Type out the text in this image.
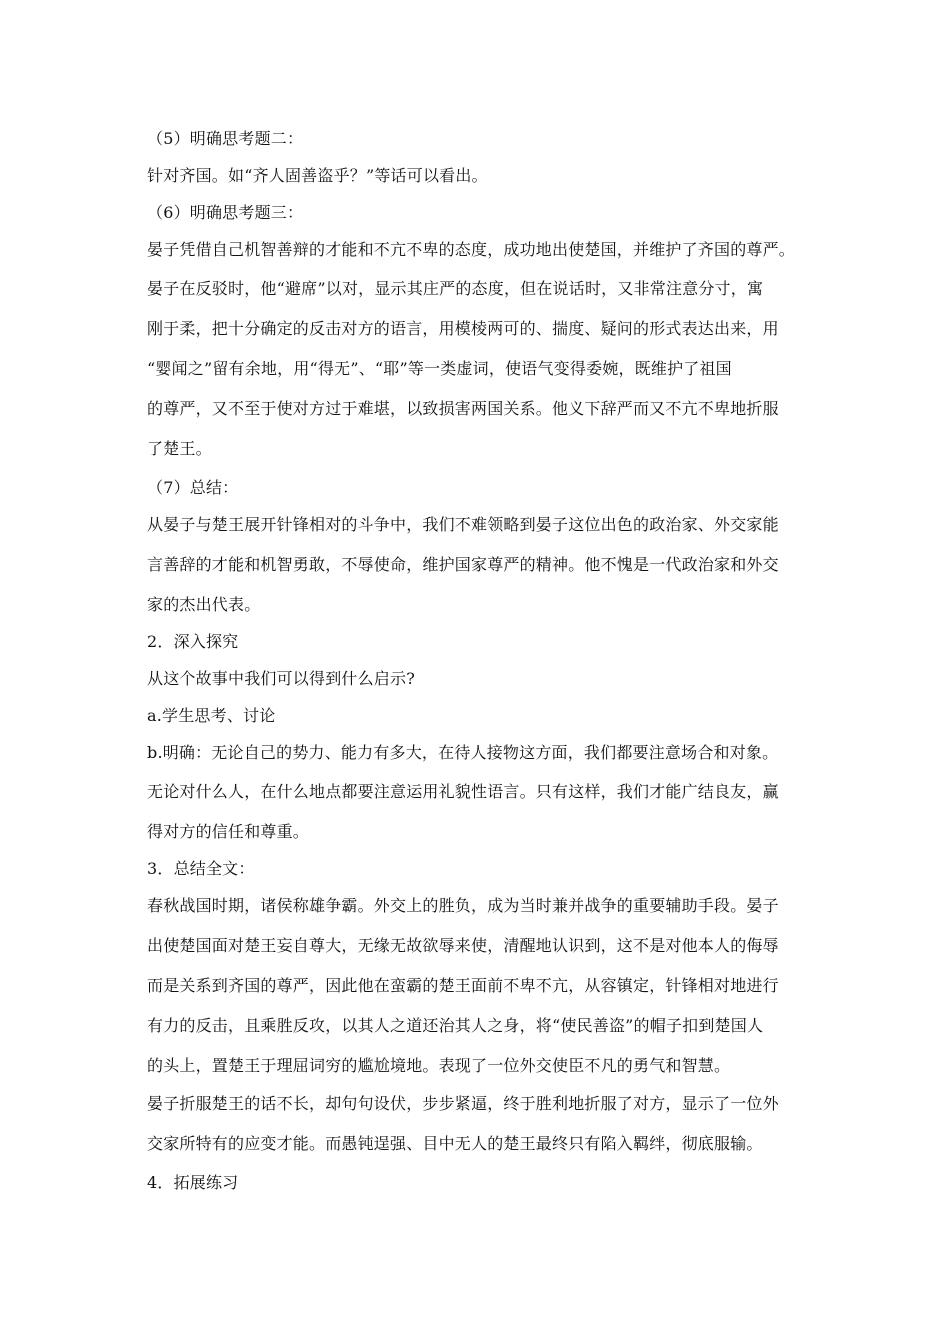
（5）明确思考题二：
针对齐国。如“齐人固善盗乎？”等话可以看出。
（6）明确思考题三：
晏子凭借自己机智善辩的才能和不亢不卑的态度，成功地出使楚国，并维护了齐国的尊严。
晏子在反驳时，他“避席”以对，显示其庄严的态度，但在说话时，又非常注意分寸，寓
刚于柔，把十分确定的反击对方的语言，用模棱两可的、揣度、疑问的形式表达出来，用
“婴闻之”留有余地，用“得无”、“耶”等一类虚词，使语气变得委婉，既维护了祖国
的尊严，又不至于使对方过于难堪，以致损害两国关系。他义下辞严而又不亢不卑地折服
了楚王。
（7）总结：
从晏子与楚王展开针锋相对的斗争中，我们不难领略到晏子这位出色的政治家、外交家能
言善辞的才能和机智勇敢，不辱使命，维护国家尊严的精神。他不愧是一代政治家和外交
家的杰出代表。
2．深入探究
从这个故事中我们可以得到什么启示?
a.学生思考、讨论
b.明确：无论自己的势力、能力有多大，在待人接物这方面，我们都要注意场合和对象。
无论对什么人，在什么地点都要注意运用礼貌性语言。只有这样，我们才能广结良友，赢
得对方的信任和尊重。
3．总结全文：
春秋战国时期，诸侯称雄争霸。外交上的胜负，成为当时兼并战争的重要辅助手段。晏子
出使楚国面对楚王妄自尊大，无缘无故欲辱来使，清醒地认识到，这不是对他本人的侮辱
而是关系到齐国的尊严，因此他在蛮霸的楚王面前不卑不亢，从容镇定，针锋相对地进行
有力的反击，且乘胜反攻，以其人之道还治其人之身，将“使民善盗”的帽子扣到楚国人
的头上，置楚王于理屈词穷的尴尬境地。表现了一位外交使臣不凡的勇气和智慧。
晏子折服楚王的话不长，却句句设伏，步步紧逼，终于胜利地折服了对方，显示了一位外
交家所特有的应变才能。而愚钝逞强、目中无人的楚王最终只有陷入羁绊，彻底服输。
4．拓展练习
